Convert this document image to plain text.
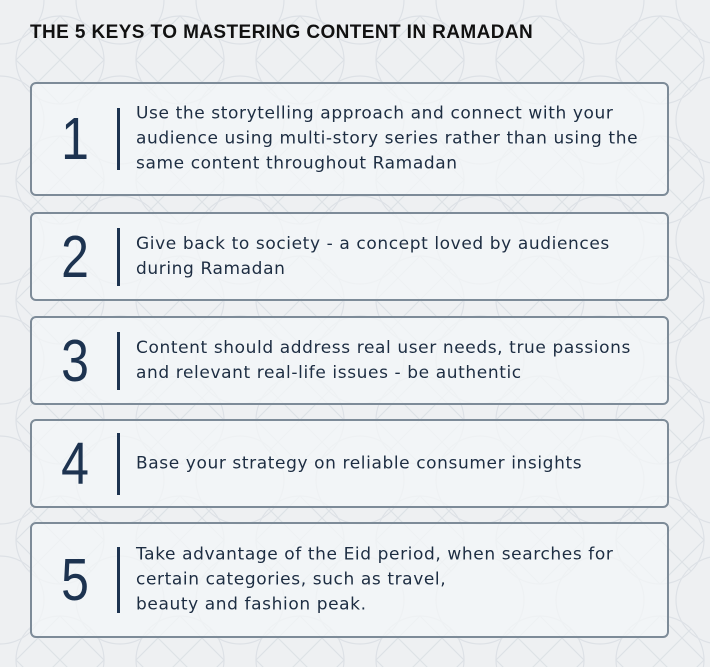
THE 5 KEYS TO MASTERING CONTENT IN RAMADAN
1	Use the storytelling approach and connect with your
audience using multi-story series rather than using the
same content throughout Ramadan
2	Give back to society - a concept loved by audiences
during Ramadan
3	Content should address real user needs, true passions
and relevant real-life issues - be authentic
4	Base your strategy on reliable consumer insights
5	Take advantage of the Eid period, when searches for
certain categories, such as travel,
beauty and fashion peak.
